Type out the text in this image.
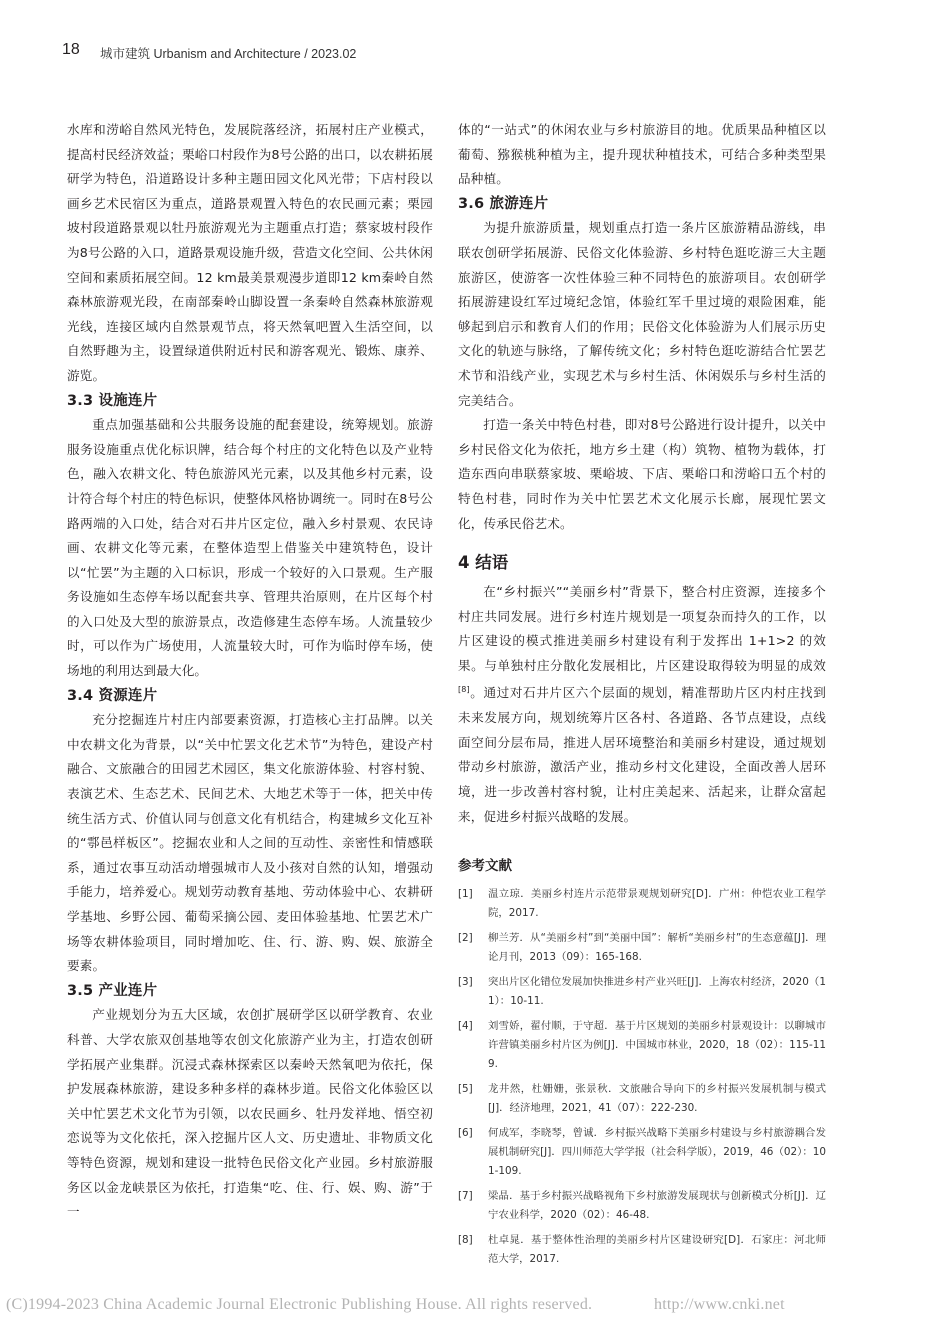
18 城市建筑 Urbanism and Architecture / 2023.02

水库和涝峪自然风光特色，发展院落经济，拓展村庄产业模式，提高村民经济效益；栗峪口村段作为8号公路的出口，以农耕拓展研学为特色，沿道路设计多种主题田园文化风光带；下店村段以画乡艺术民宿区为重点，道路景观置入特色的农民画元素；栗园坡村段道路景观以牡丹旅游观光为主题重点打造；蔡家坡村段作为8号公路的入口，道路景观设施升级，营造文化空间、公共休闲空间和素质拓展空间。12 km最美景观漫步道即12 km秦岭自然森林旅游观光段，在南部秦岭山脚设置一条秦岭自然森林旅游观光线，连接区域内自然景观节点，将天然氧吧置入生活空间，以自然野趣为主，设置绿道供附近村民和游客观光、锻炼、康养、游览。

3.3 设施连片

重点加强基础和公共服务设施的配套建设，统筹规划。旅游服务设施重点优化标识牌，结合每个村庄的文化特色以及产业特色，融入农耕文化、特色旅游风光元素，以及其他乡村元素，设计符合每个村庄的特色标识，使整体风格协调统一。同时在8号公路两端的入口处，结合对石井片区定位，融入乡村景观、农民诗画、农耕文化等元素，在整体造型上借鉴关中建筑特色，设计以“忙罢”为主题的入口标识，形成一个较好的入口景观。生产服务设施如生态停车场以配套共享、管理共治原则，在片区每个村的入口处及大型的旅游景点，改造修建生态停车场。人流量较少时，可以作为广场使用，人流量较大时，可作为临时停车场，使场地的利用达到最大化。

3.4 资源连片

充分挖掘连片村庄内部要素资源，打造核心主打品牌。以关中农耕文化为背景，以“关中忙罢文化艺术节”为特色，建设产村融合、文旅融合的田园艺术园区，集文化旅游体验、村容村貌、表演艺术、生态艺术、民间艺术、大地艺术等于一体，把关中传统生活方式、价值认同与创意文化有机结合，构建城乡文化互补的“鄠邑样板区”。挖掘农业和人之间的互动性、亲密性和情感联系，通过农事互动活动增强城市人及小孩对自然的认知，增强动手能力，培养爱心。规划劳动教育基地、劳动体验中心、农耕研学基地、乡野公园、葡萄采摘公园、麦田体验基地、忙罢艺术广场等农耕体验项目，同时增加吃、住、行、游、购、娱、旅游全要素。

3.5 产业连片

产业规划分为五大区域，农创扩展研学区以研学教育、农业科普、大学农旅双创基地等农创文化旅游产业为主，打造农创研学拓展产业集群。沉浸式森林探索区以秦岭天然氧吧为依托，保护发展森林旅游，建设多种多样的森林步道。民俗文化体验区以关中忙罢艺术文化节为引领，以农民画乡、牡丹发祥地、悟空初恋说等为文化依托，深入挖掘片区人文、历史遗址、非物质文化等特色资源，规划和建设一批特色民俗文化产业园。乡村旅游服务区以金龙峡景区为依托，打造集“吃、住、行、娱、购、游”于一

体的“一站式”的休闲农业与乡村旅游目的地。优质果品种植区以葡萄、猕猴桃种植为主，提升现状种植技术，可结合多种类型果品种植。

3.6 旅游连片

为提升旅游质量，规划重点打造一条片区旅游精品游线，串联农创研学拓展游、民俗文化体验游、乡村特色逛吃游三大主题旅游区，使游客一次性体验三种不同特色的旅游项目。农创研学拓展游建设红军过境纪念馆，体验红军千里过境的艰险困难，能够起到启示和教育人们的作用；民俗文化体验游为人们展示历史文化的轨迹与脉络，了解传统文化；乡村特色逛吃游结合忙罢艺术节和沿线产业，实现艺术与乡村生活、休闲娱乐与乡村生活的完美结合。

打造一条关中特色村巷，即对8号公路进行设计提升，以关中乡村民俗文化为依托，地方乡土建（构）筑物、植物为载体，打造东西向串联蔡家坡、栗峪坡、下店、栗峪口和涝峪口五个村的特色村巷，同时作为关中忙罢艺术文化展示长廊，展现忙罢文化，传承民俗艺术。

4 结语

在“乡村振兴”“美丽乡村”背景下，整合村庄资源，连接多个村庄共同发展。进行乡村连片规划是一项复杂而持久的工作，以片区建设的模式推进美丽乡村建设有利于发挥出 1+1>2 的效果。与单独村庄分散化发展相比，片区建设取得较为明显的成效[8]。通过对石井片区六个层面的规划，精准帮助片区内村庄找到未来发展方向，规划统筹片区各村、各道路、各节点建设，点线面空间分层布局，推进人居环境整治和美丽乡村建设，通过规划带动乡村旅游，激活产业，推动乡村文化建设，全面改善人居环境，进一步改善村容村貌，让村庄美起来、活起来，让群众富起来，促进乡村振兴战略的发展。

参考文献
[1] 温立琼．美丽乡村连片示范带景观规划研究[D]．广州：仲恺农业工程学院，2017.
[2] 柳兰芳．从“美丽乡村”到“美丽中国”：解析“美丽乡村”的生态意蕴[J]．理论月刊，2013（09）：165-168.
[3] 突出片区化错位发展加快推进乡村产业兴旺[J]．上海农村经济，2020（11）：10-11.
[4] 刘雪娇，翟付顺，于守超．基于片区规划的美丽乡村景观设计：以聊城市许营镇美丽乡村片区为例[J]．中国城市林业，2020，18（02）：115-119.
[5] 龙井然，杜姗姗，张景秋．文旅融合导向下的乡村振兴发展机制与模式[J]．经济地理，2021，41（07）：222-230.
[6] 何成军，李晓琴，曾诚．乡村振兴战略下美丽乡村建设与乡村旅游耦合发展机制研究[J]．四川师范大学学报（社会科学版），2019，46（02）：101-109.
[7] 梁晶．基于乡村振兴战略视角下乡村旅游发展现状与创新模式分析[J]．辽宁农业科学，2020（02）：46-48.
[8] 杜卓晁．基于整体性治理的美丽乡村片区建设研究[D]．石家庄：河北师范大学，2017.
(C)1994-2023 China Academic Journal Electronic Publishing House. All rights reserved.	http://www.cnki.net
